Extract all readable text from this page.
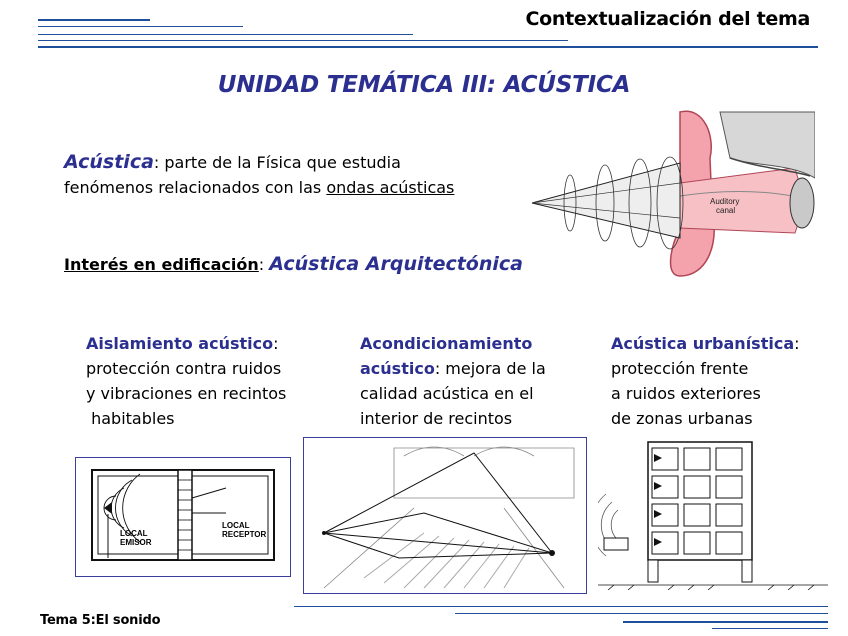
Contextualización del tema
UNIDAD TEMÁTICA III: ACÚSTICA
Acústica: parte de la Física que estudia
fenómenos relacionados con las ondas acústicas
Interés en edificación: Acústica Arquitectónica
Auditory
canal
Aislamiento acústico:
protección contra ruidos
y vibraciones en recintos
habitables
Acondicionamiento
acústico: mejora de la
calidad acústica en el
interior de recintos
Acústica urbanística:
protección frente
a ruidos exteriores
de zonas urbanas
LOCAL
EMISOR
LOCAL
RECEPTOR
Tema 5:El sonido
